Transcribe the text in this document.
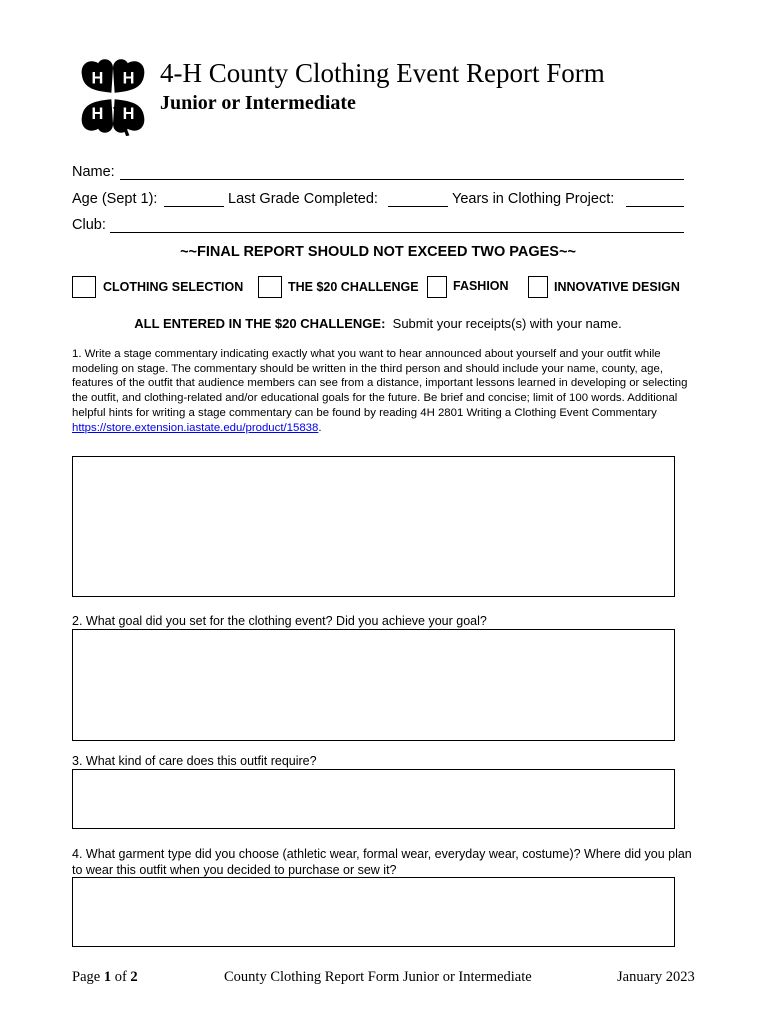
H H
H H
4-H County Clothing Event Report Form
Junior or Intermediate
Name:
Age (Sept 1):	Last Grade Completed:	Years in Clothing Project:
Club:
~~FINAL REPORT SHOULD NOT EXCEED TWO PAGES~~
CLOTHING SELECTION	THE $20 CHALLENGE	FASHION	INNOVATIVE DESIGN
ALL ENTERED IN THE $20 CHALLENGE: Submit your receipts(s) with your name.
1. Write a stage commentary indicating exactly what you want to hear announced about yourself and your outfit while modeling on stage. The commentary should be written in the third person and should include your name, county, age, features of the outfit that audience members can see from a distance, important lessons learned in developing or selecting the outfit, and clothing-related and/or educational goals for the future. Be brief and concise; limit of 100 words. Additional helpful hints for writing a stage commentary can be found by reading 4H 2801 Writing a Clothing Event Commentary https://store.extension.iastate.edu/product/15838.
2. What goal did you set for the clothing event? Did you achieve your goal?
3. What kind of care does this outfit require?
4. What garment type did you choose (athletic wear, formal wear, everyday wear, costume)? Where did you plan to wear this outfit when you decided to purchase or sew it?
Page 1 of 2	County Clothing Report Form Junior or Intermediate	January 2023
